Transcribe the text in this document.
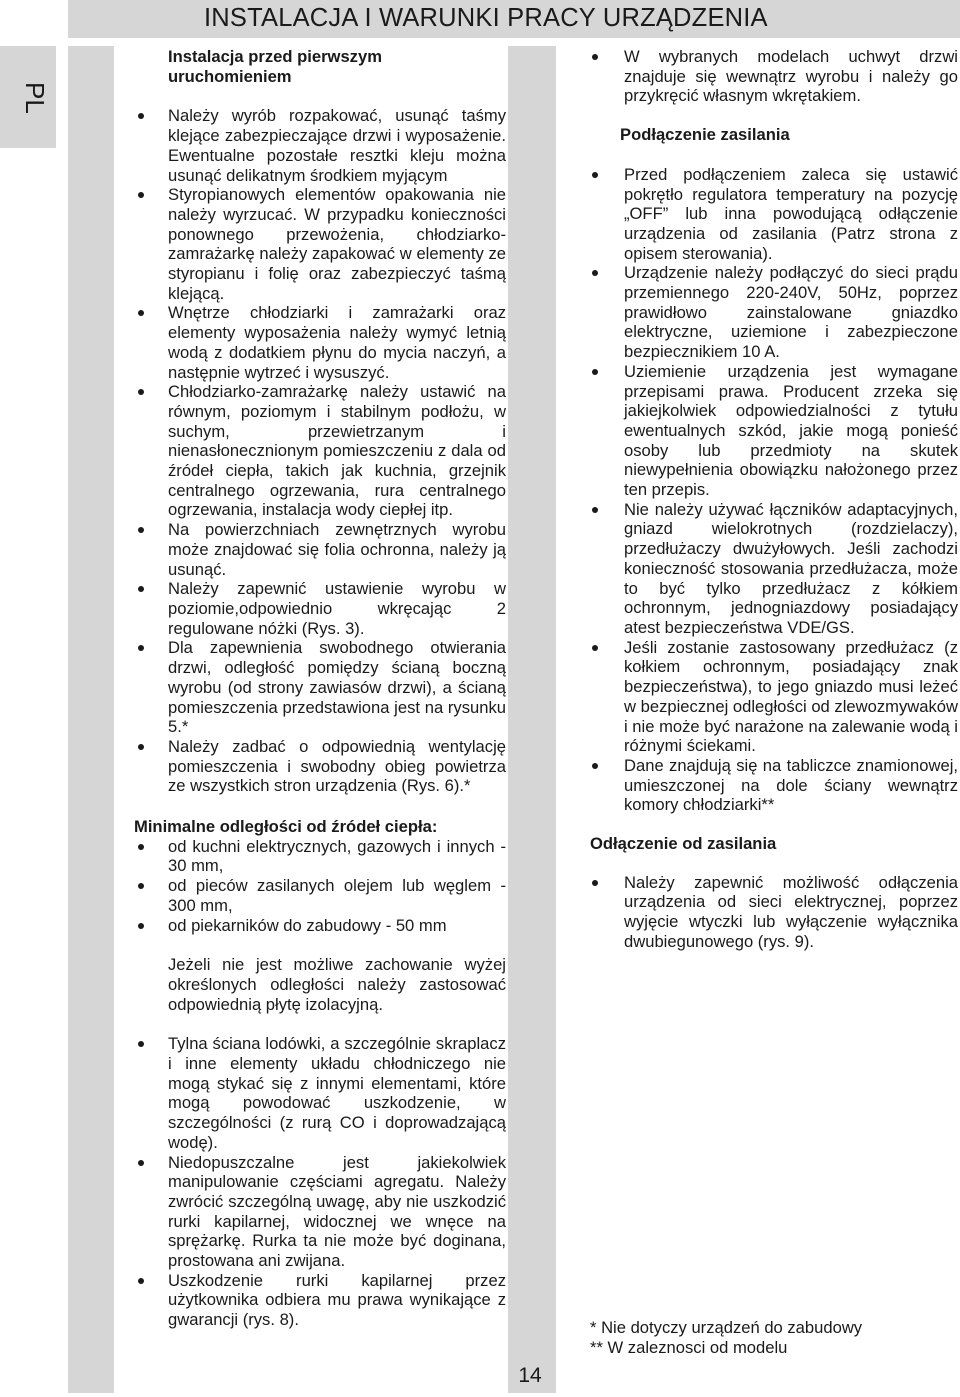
INSTALACJA I WARUNKI PRACY URZĄDZENIA
PL
Instalacja przed pierwszym uruchomieniem
Należy wyrób rozpakować, usunąć taśmy klejące zabezpieczające drzwi i wyposażenie. Ewentualne pozostałe resztki kleju można usunąć delikatnym środkiem myjącym
Styropianowych elementów opakowania nie należy wyrzucać. W przypadku konieczności ponownego przewożenia, chłodziarko-zamrażarkę należy zapakować w elementy ze styropianu i folię oraz zabezpieczyć taśmą klejącą.
Wnętrze chłodziarki i zamrażarki oraz elementy wyposażenia należy wymyć letnią wodą z dodatkiem płynu do mycia naczyń, a następnie wytrzeć i wysuszyć.
Chłodziarko-zamrażarkę należy ustawić na równym, poziomym i stabilnym podłożu, w suchym, przewietrzanym i nienasłonecznionym pomieszczeniu z dala od źródeł ciepła, takich jak kuchnia, grzejnik centralnego ogrzewania, rura centralnego ogrzewania, instalacja wody ciepłej itp.
Na powierzchniach zewnętrznych wyrobu może znajdować się folia ochronna, należy ją usunąć.
Należy zapewnić ustawienie wyrobu w poziomie,odpowiednio wkręcając 2 regulowane nóżki (Rys. 3).
Dla zapewnienia swobodnego otwierania drzwi, odległość pomiędzy ścianą boczną wyrobu (od strony zawiasów drzwi), a ścianą pomieszczenia przedstawiona jest na rysunku 5.*
Należy zadbać o odpowiednią wentylację pomieszczenia i swobodny obieg powietrza ze wszystkich stron urządzenia (Rys. 6).*
Minimalne odległości od źródeł ciepła:
od kuchni elektrycznych, gazowych i innych - 30 mm,
od pieców zasilanych olejem lub węglem - 300 mm,
od piekarników do zabudowy - 50 mm
Jeżeli nie jest możliwe zachowanie wyżej określonych odległości należy zastosować odpowiednią płytę izolacyjną.
Tylna ściana lodówki, a szczególnie skraplacz i inne elementy układu chłodniczego nie mogą stykać się z innymi elementami, które mogą powodować uszkodzenie, w szczególności (z rurą CO i doprowadzającą wodę).
Niedopuszczalne jest jakiekolwiek manipulowanie częściami agregatu. Należy zwrócić szczególną uwagę, aby nie uszkodzić rurki kapilarnej, widocznej we wnęce na sprężarkę. Rurka ta nie może być doginana, prostowana ani zwijana.
Uszkodzenie rurki kapilarnej przez użytkownika odbiera mu prawa wynikające z gwarancji (rys. 8).
W wybranych modelach uchwyt drzwi znajduje się wewnątrz wyrobu i należy go przykręcić własnym wkrętakiem.
Podłączenie zasilania
Przed podłączeniem zaleca się ustawić pokrętło regulatora temperatury na pozycję „OFF” lub inna powodującą odłączenie urządzenia od zasilania (Patrz strona z opisem sterowania).
Urządzenie należy podłączyć do sieci prądu przemiennego 220-240V, 50Hz, poprzez prawidłowo zainstalowane gniazdko elektryczne, uziemione i zabezpieczone bezpiecznikiem 10 A.
Uziemienie urządzenia jest wymagane przepisami prawa. Producent zrzeka się jakiejkolwiek odpowiedzialności z tytułu ewentualnych szkód, jakie mogą ponieść osoby lub przedmioty na skutek niewypełnienia obowiązku nałożonego przez ten przepis.
Nie należy używać łączników adaptacyjnych, gniazd wielokrotnych (rozdzielaczy), przedłużaczy dwużyłowych. Jeśli zachodzi konieczność stosowania przedłużacza, może to być tylko przedłużacz z kółkiem ochronnym, jednogniazdowy posiadający atest bezpieczeństwa VDE/GS.
Jeśli zostanie zastosowany przedłużacz (z kołkiem ochronnym, posiadający znak bezpieczeństwa), to jego gniazdo musi leżeć w bezpiecznej odległości od zlewozmywaków i nie może być narażone na zalewanie wodą i różnymi ściekami.
Dane znajdują się na tabliczce znamionowej, umieszczonej na dole ściany wewnątrz komory chłodziarki**
Odłączenie od zasilania
Należy zapewnić możliwość odłączenia urządzenia od sieci elektrycznej, poprzez wyjęcie wtyczki lub wyłączenie wyłącznika dwubiegunowego (rys. 9).
* Nie dotyczy urządzeń do zabudowy
** W zaleznosci od modelu
14
